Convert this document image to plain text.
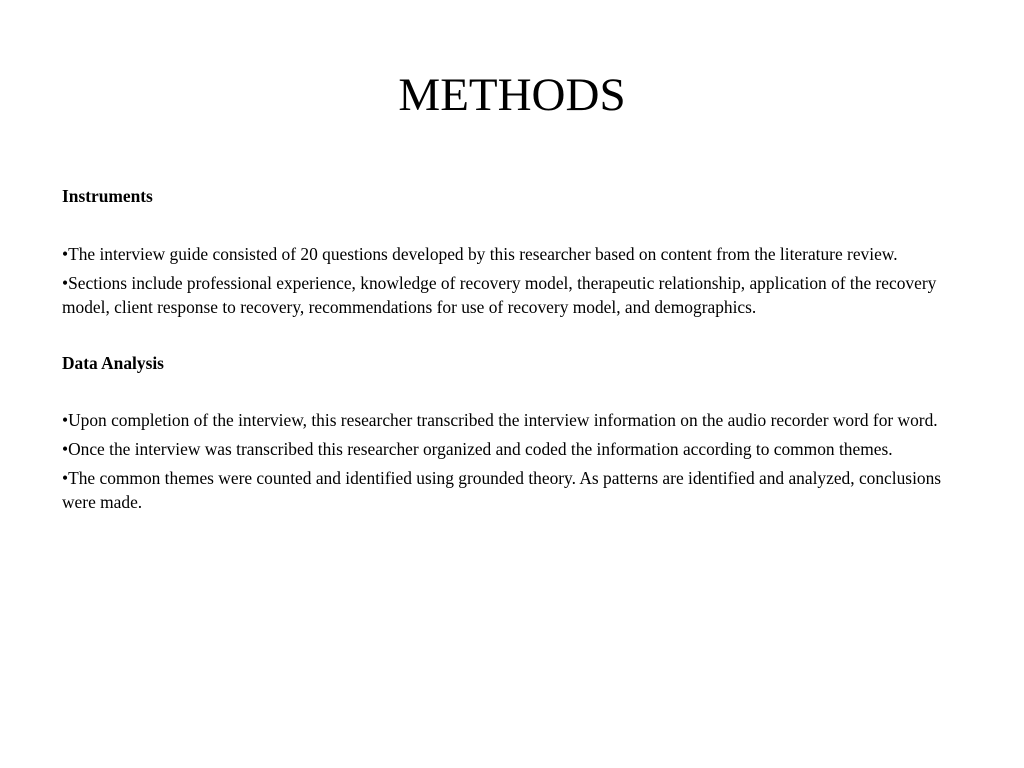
METHODS

Instruments

•The interview guide consisted of 20 questions developed by this researcher based on content from the literature review.
•Sections include professional experience, knowledge of recovery model, therapeutic relationship, application of the recovery model, client response to recovery, recommendations for use of recovery model, and demographics.

Data Analysis

•Upon completion of the interview, this researcher transcribed the interview information on the audio recorder word for word.
•Once the interview was transcribed this researcher organized and coded the information according to common themes.
•The common themes were counted and identified using grounded theory. As patterns are identified and analyzed, conclusions were made.
